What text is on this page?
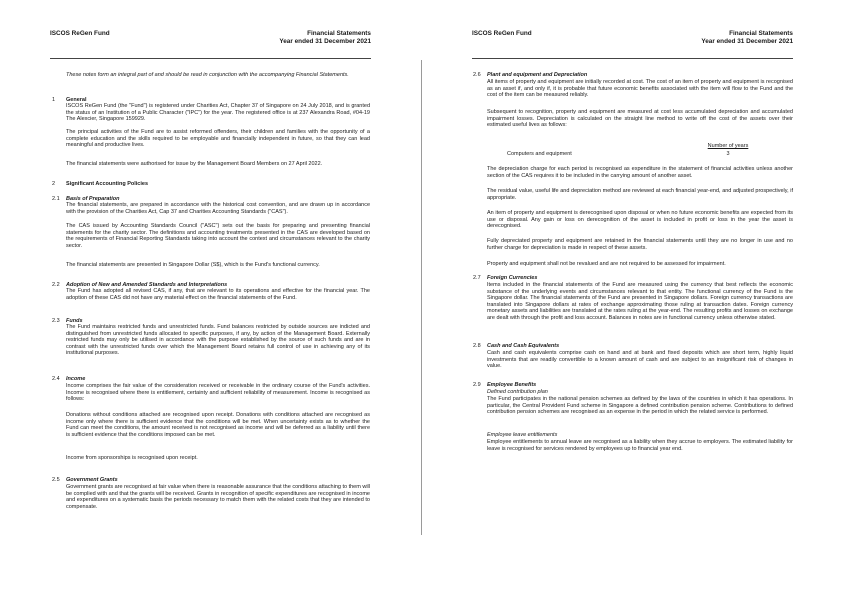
ISCOS ReGen Fund	Financial Statements
Year ended 31 December 2021
ISCOS ReGen Fund	Financial Statements
Year ended 31 December 2021

These notes form an integral part of and should be read in conjunction with the accompanying Financial Statements.

1 General

ISCOS ReGen Fund (the "Fund") is registered under Charities Act, Chapter 37 of Singapore on 24 July 2018, and is granted the status of an Institution of a Public Character ("IPC") for the year. The registered office is at 237 Alexandra Road, #04-19 The Alexcier, Singapore 159929.

The principal activities of the Fund are to assist reformed offenders, their children and families with the opportunity of a complete education and the skills required to be employable and financially independent in future, so that they can lead meaningful and productive lives.

The financial statements were authorised for issue by the Management Board Members on 27 April 2022.

2 Significant Accounting Policies
2.1 Basis of Preparation

The financial statements, are prepared in accordance with the historical cost convention, and are drawn up in accordance with the provision of the Charities Act, Cap 37 and Charities Accounting Standards ("CAS").

The CAS issued by Accounting Standards Council ("ASC") sets out the basis for preparing and presenting financial statements for the charity sector. The definitions and accounting treatments presented in the CAS are developed based on the requirements of Financial Reporting Standards taking into account the context and circumstances relevant to the charity sector.

The financial statements are presented in Singapore Dollar (S$), which is the Fund's functional currency.

2.2 Adoption of New and Amended Standards and Interpretations

The Fund has adopted all revised CAS, if any, that are relevant to its operations and effective for the financial year. The adoption of these CAS did not have any material effect on the financial statements of the Fund.

2.3 Funds

The Fund maintains restricted funds and unrestricted funds. Fund balances restricted by outside sources are indicted and distinguished from unrestricted funds allocated to specific purposes, if any, by action of the Management Board. Externally restricted funds may only be utilised in accordance with the purpose established by the source of such funds and are in contrast with the unrestricted funds over which the Management Board retains full control of use in achieving any of its institutional purposes.

2.4 Income

Income comprises the fair value of the consideration received or receivable in the ordinary course of the Fund's activities. Income is recognised where there is entitlement, certainty and sufficient reliability of measurement. Income is recognised as follows:

Donations without conditions attached are recognised upon receipt. Donations with conditions attached are recognised as income only where there is sufficient evidence that the conditions will be met. When uncertainty exists as to whether the Fund can meet the conditions, the amount received is not recognised as income and will be deferred as a liability until there is sufficient evidence that the conditions imposed can be met.

Income from sponsorships is recognised upon receipt.

2.5 Government Grants

Government grants are recognised at fair value when there is reasonable assurance that the conditions attaching to them will be complied with and that the grants will be received. Grants in recognition of specific expenditures are recognised in income and expenditures on a systematic basis the periods necessary to match them with the related costs that they are intended to compensate.

2.6 Plant and equipment and Depreciation

All items of property and equipment are initially recorded at cost. The cost of an item of property and equipment is recognised as an asset if, and only if, it is probable that future economic benefits associated with the item will flow to the Fund and the cost of the item can be measured reliably.

Subsequent to recognition, property and equipment are measured at cost less accumulated depreciation and accumulated impairment losses. Depreciation is calculated on the straight line method to write off the cost of the assets over their estimated useful lives as follows:

Number of years
Computers and equipment	3

The depreciation charge for each period is recognised as expenditure in the statement of financial activities unless another section of the CAS requires it to be included in the carrying amount of another asset.

The residual value, useful life and depreciation method are reviewed at each financial year-end, and adjusted prospectively, if appropriate.

An item of property and equipment is derecognised upon disposal or when no future economic benefits are expected from its use or disposal. Any gain or loss on derecognition of the asset is included in profit or loss in the year the asset is derecognised.

Fully depreciated property and equipment are retained in the financial statements until they are no longer in use and no further charge for depreciation is made in respect of these assets.

Property and equipment shall not be revalued and are not required to be assessed for impairment.

2.7 Foreign Currencies

Items included in the financial statements of the Fund are measured using the currency that best reflects the economic substance of the underlying events and circumstances relevant to that entity. The functional currency of the Fund is the Singapore dollar. The financial statements of the Fund are presented in Singapore dollars. Foreign currency transactions are translated into Singapore dollars at rates of exchange approximating those ruling at transaction dates. Foreign currency monetary assets and liabilities are translated at the rates ruling at the year-end. The resulting profits and losses on exchange are dealt with through the profit and loss account. Balances in notes are in functional currency unless otherwise stated.

2.8 Cash and Cash Equivalents

Cash and cash equivalents comprise cash on hand and at bank and fixed deposits which are short term, highly liquid investments that are readily convertible to a known amount of cash and are subject to an insignificant risk of changes in value.

2.9 Employee Benefits

Defined contribution plan

The Fund participates in the national pension schemes as defined by the laws of the countries in which it has operations. In particular, the Central Provident Fund scheme in Singapore a defined contribution pension scheme. Contributions to defined contribution pension schemes are recognised as an expense in the period in which the related service is performed.

Employee leave entitlements

Employee entitlements to annual leave are recognised as a liability when they accrue to employers. The estimated liability for leave is recognised for services rendered by employees up to financial year end.
